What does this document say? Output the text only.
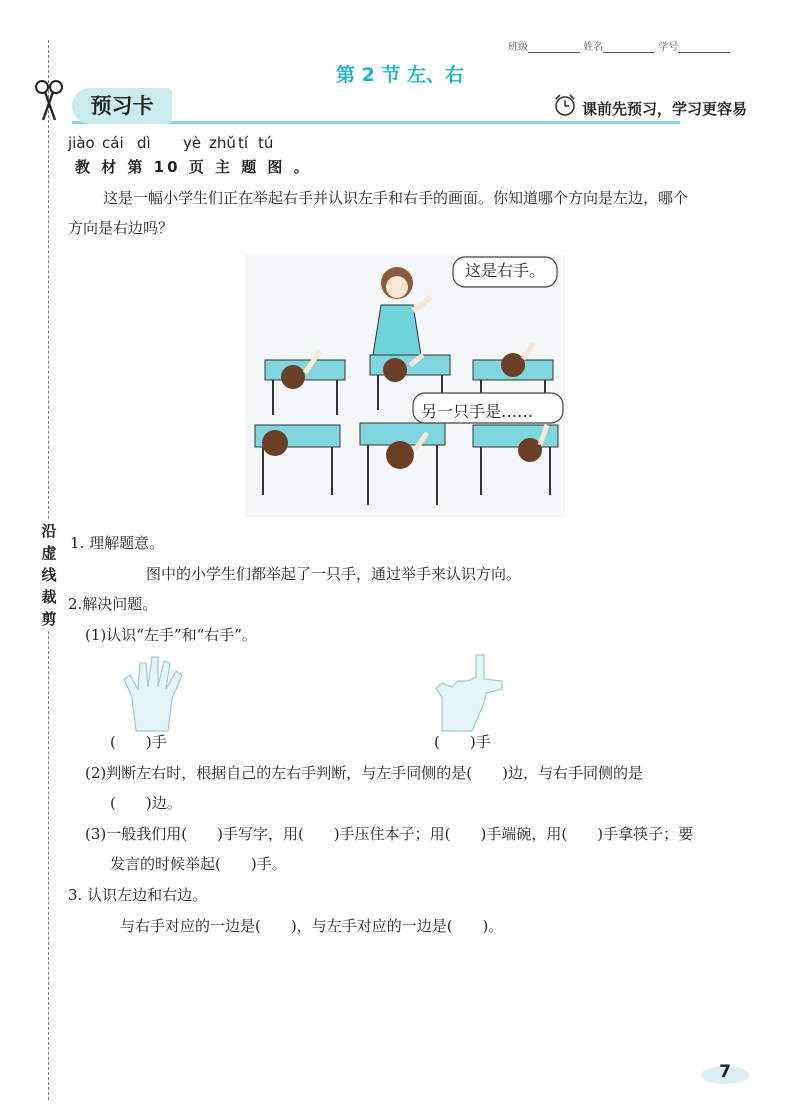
沿
虚
线
裁
剪
班级	姓名	学号
第 2 节 左、右
预习卡	课前先预习，学习更容易
jiào cái dì yè zhǔ tí tú
教 材 第 10 页 主 题 图 。
这是一幅小学生们正在举起右手并认识左手和右手的画面。你知道哪个方向是左边，哪个
方向是右边吗？
这是右手。
另一只手是……
1. 理解题意。
图中的小学生们都举起了一只手，通过举手来认识方向。
2.解决问题。
(1)认识“左手”和“右手”。
(　　)手	(　　)手
(2)判断左右时，根据自己的左右手判断，与左手同侧的是(　　)边，与右手同侧的是
(　　)边。
(3)一般我们用(　　)手写字，用(　　)手压住本子；用(　　)手端碗，用(　　)手拿筷子；要
发言的时候举起(　　)手。
3. 认识左边和右边。
与右手对应的一边是(　　)，与左手对应的一边是(　　)。
7
